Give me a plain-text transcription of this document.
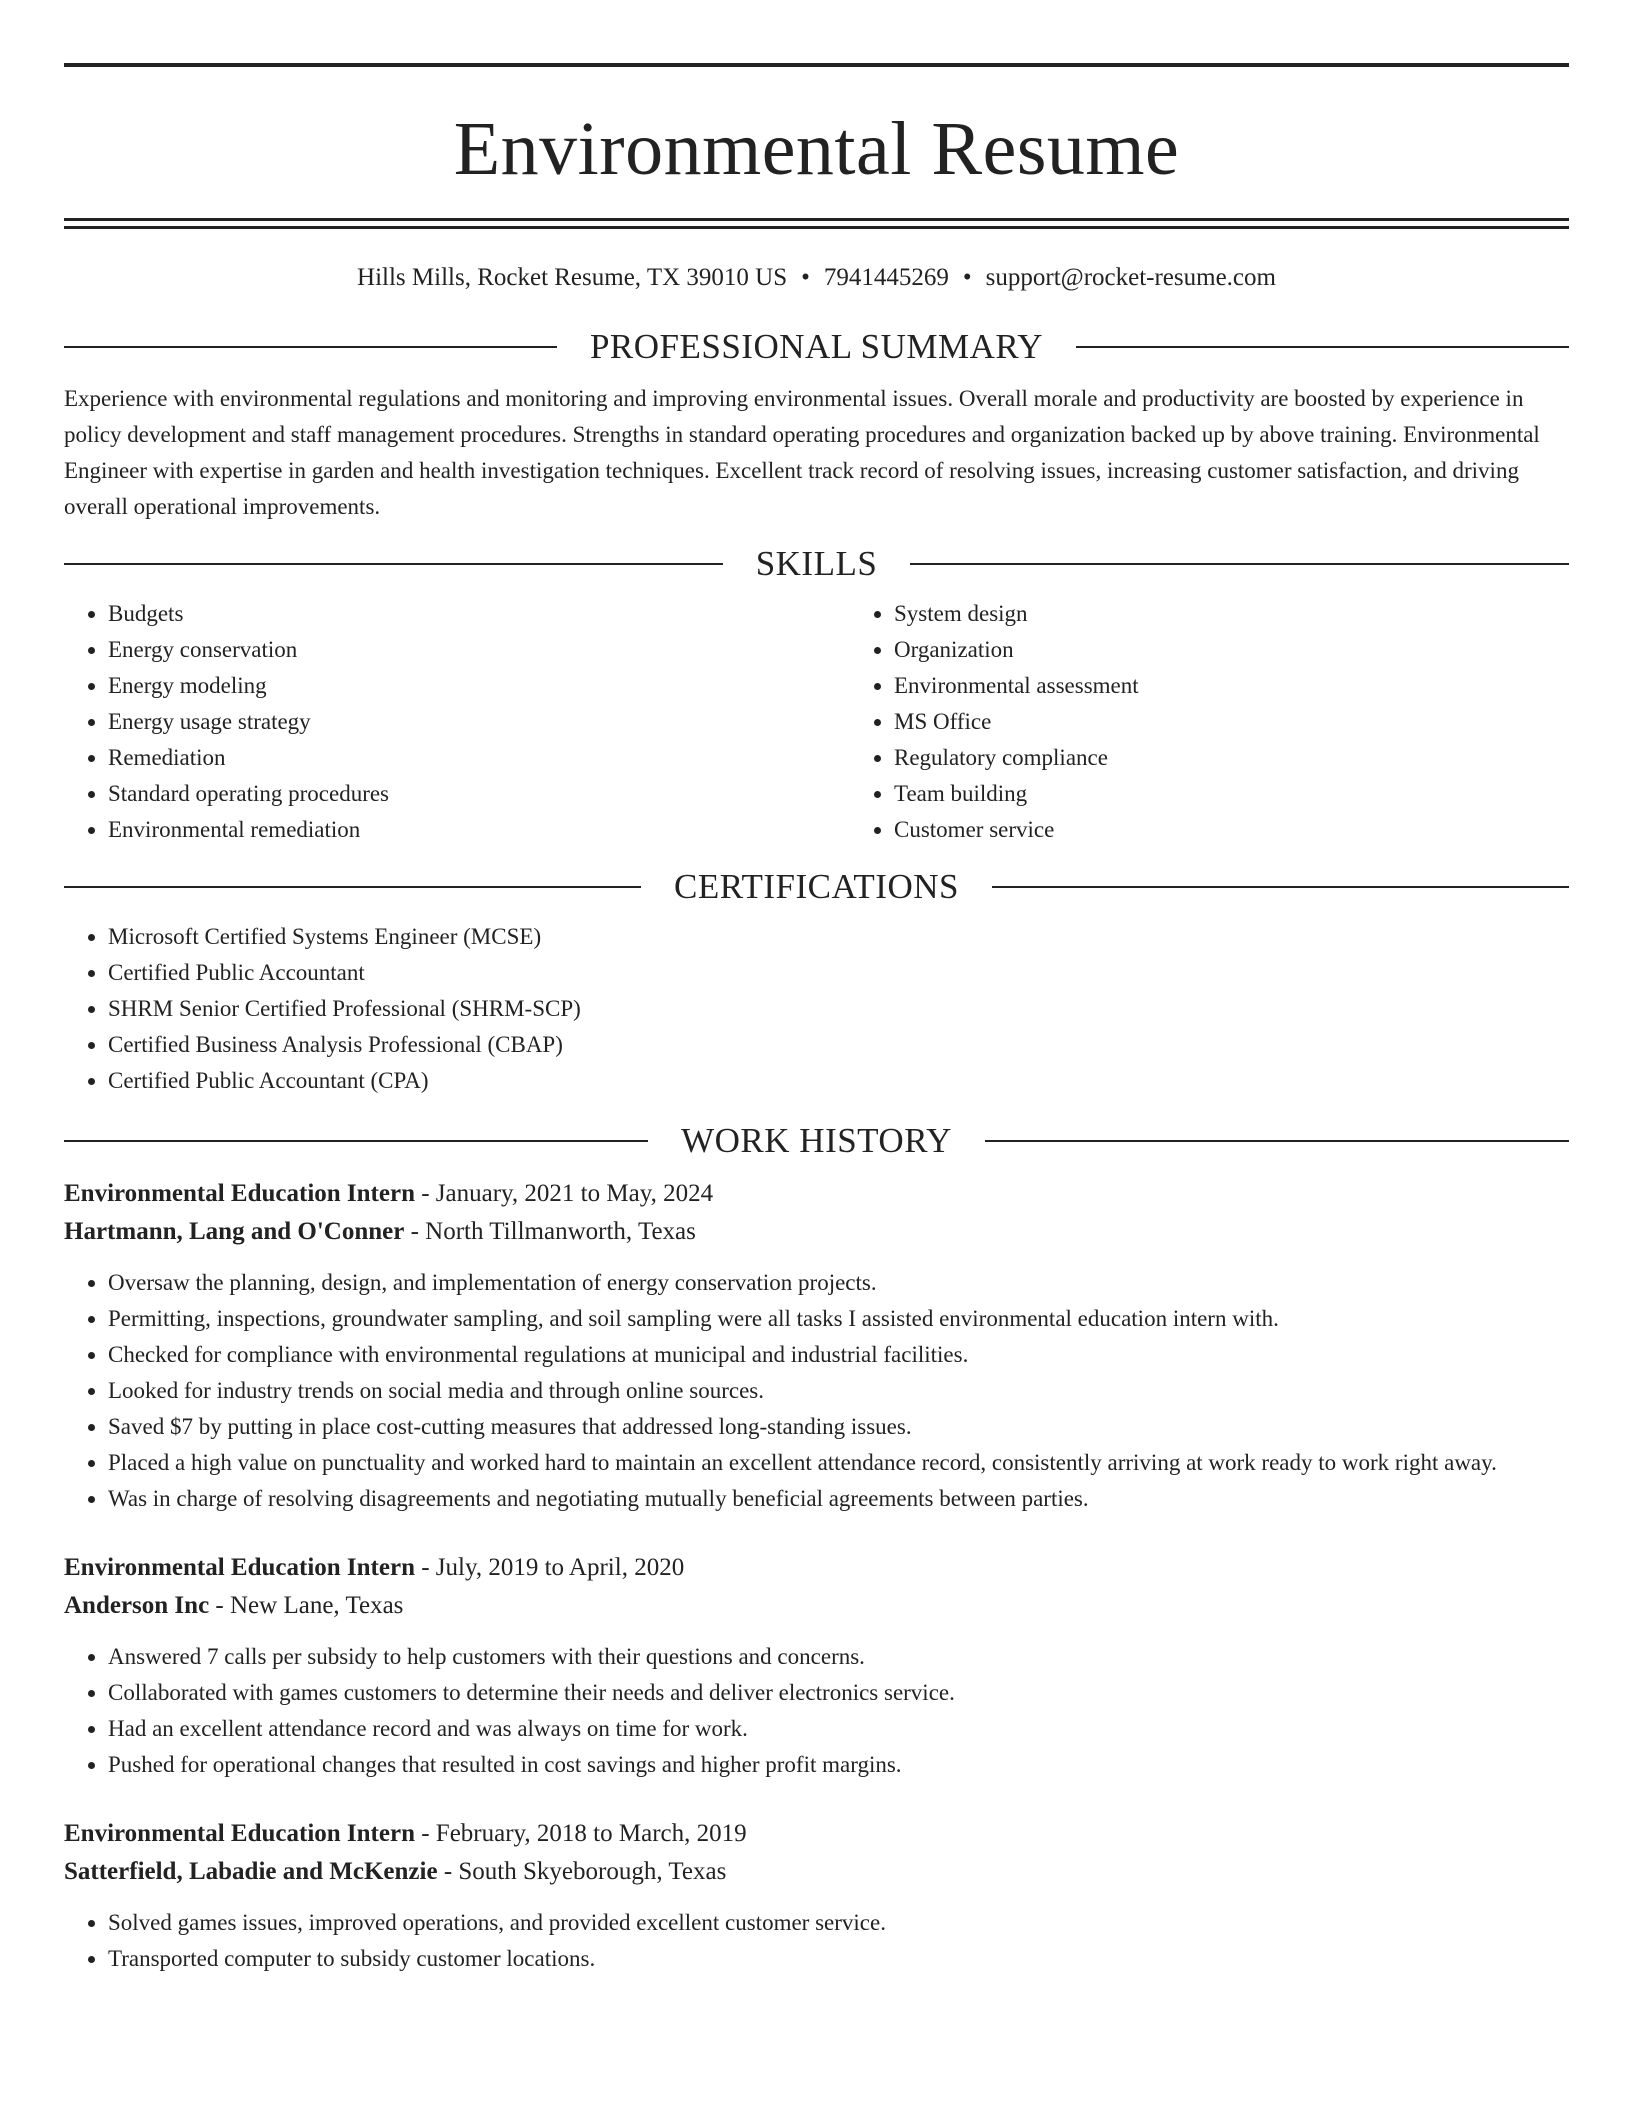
Environmental Resume
Hills Mills, Rocket Resume, TX 39010 US • 7941445269 • support@rocket-resume.com
PROFESSIONAL SUMMARY

Experience with environmental regulations and monitoring and improving environmental issues. Overall morale and productivity are boosted by experience in policy development and staff management procedures. Strengths in standard operating procedures and organization backed up by above training. Environmental Engineer with expertise in garden and health investigation techniques. Excellent track record of resolving issues, increasing customer satisfaction, and driving overall operational improvements.

SKILLS
• Budgets
• Energy conservation
• Energy modeling
• Energy usage strategy
• Remediation
• Standard operating procedures
• Environmental remediation
• System design
• Organization
• Environmental assessment
• MS Office
• Regulatory compliance
• Team building
• Customer service
CERTIFICATIONS
• Microsoft Certified Systems Engineer (MCSE)
• Certified Public Accountant
• SHRM Senior Certified Professional (SHRM-SCP)
• Certified Business Analysis Professional (CBAP)
• Certified Public Accountant (CPA)
WORK HISTORY
Environmental Education Intern - January, 2021 to May, 2024
Hartmann, Lang and O'Conner - North Tillmanworth, Texas
• Oversaw the planning, design, and implementation of energy conservation projects.
• Permitting, inspections, groundwater sampling, and soil sampling were all tasks I assisted environmental education intern with.
• Checked for compliance with environmental regulations at municipal and industrial facilities.
• Looked for industry trends on social media and through online sources.
• Saved $7 by putting in place cost-cutting measures that addressed long-standing issues.
• Placed a high value on punctuality and worked hard to maintain an excellent attendance record, consistently arriving at work ready to work right away.
• Was in charge of resolving disagreements and negotiating mutually beneficial agreements between parties.
Environmental Education Intern - July, 2019 to April, 2020
Anderson Inc - New Lane, Texas
• Answered 7 calls per subsidy to help customers with their questions and concerns.
• Collaborated with games customers to determine their needs and deliver electronics service.
• Had an excellent attendance record and was always on time for work.
• Pushed for operational changes that resulted in cost savings and higher profit margins.
Environmental Education Intern - February, 2018 to March, 2019
Satterfield, Labadie and McKenzie - South Skyeborough, Texas
• Solved games issues, improved operations, and provided excellent customer service.
• Transported computer to subsidy customer locations.
